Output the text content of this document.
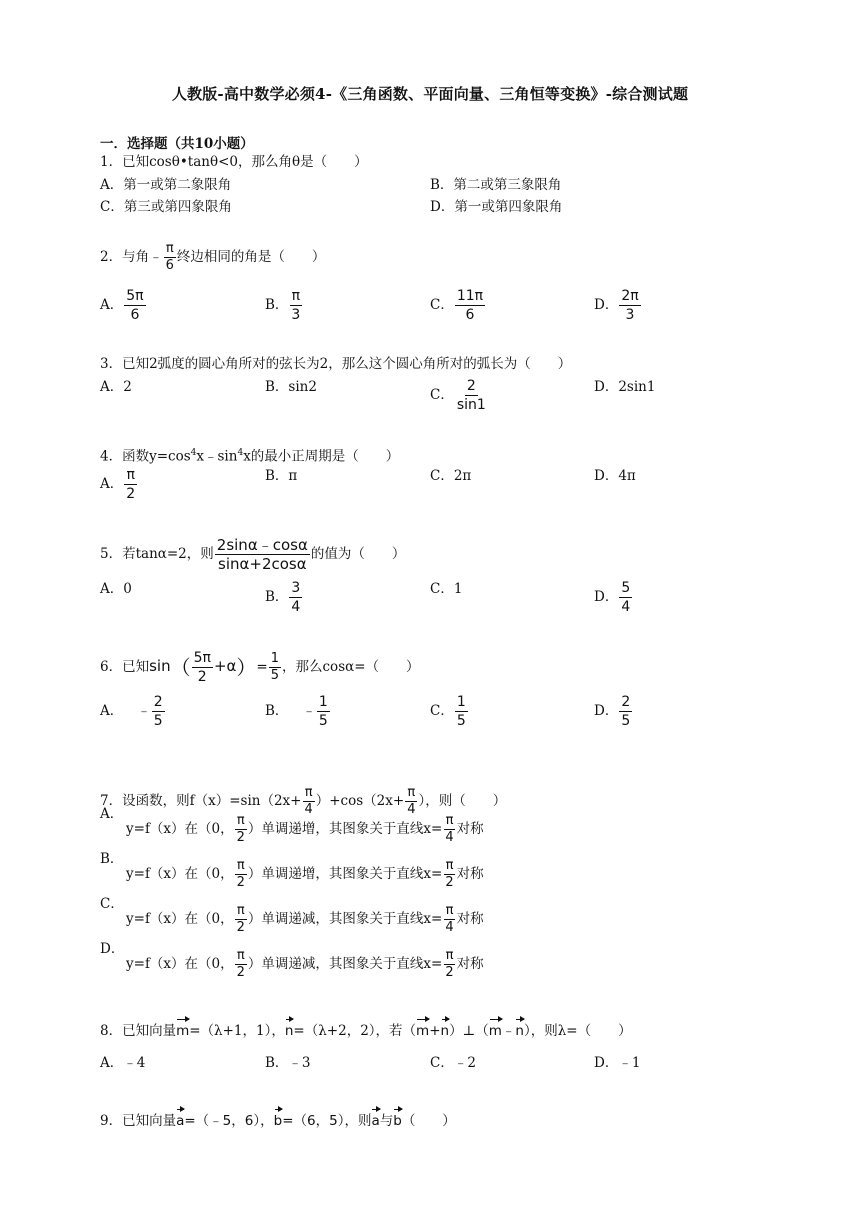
人教版-高中数学必须4-《三角函数、平面向量、三角恒等变换》-综合测试题
一．选择题（共10小题）
1．已知cosθ•tanθ<0，那么角θ是（　　）
A．第一或第二象限角	B．第二或第三象限角
C．第三或第四象限角	D．第一或第四象限角
2．与角﹣ $\frac{\pi}{6}$ 终边相同的角是（　　）
A． $\frac{5\pi}{6}$	B． $\frac{\pi}{3}$	C． $\frac{11\pi}{6}$	D． $\frac{2\pi}{3}$
3．已知2弧度的圆心角所对的弦长为2，那么这个圆心角所对的弧长为（　　）
A．2	B．sin2	C． $\frac{2}{\sin 1}$	D．2sin1
4．函数$y=\cos^4x﹣\sin^4x$的最小正周期是（　　）
A． $\frac{\pi}{2}$	B．π	C．2π	D．4π
5．若tanα=2，则 $\frac{2\sin\alpha﹣\cos\alpha}{\sin\alpha+2\cos\alpha}$ 的值为（　　）
A．0	B． $\frac{3}{4}$	C．1	D． $\frac{5}{4}$
6．已知$\sin( \frac{5\pi}{2} +\alpha)= \frac{1}{5}$ ，那么cosα=（　　）
A． ﹣ $\frac{2}{5}$	B． ﹣ $\frac{1}{5}$	C． $\frac{1}{5}$	D． $\frac{2}{5}$
7．设函数，则$f(x)=\sin(2x+ \frac{\pi}{4} )+\cos(2x+ \frac{\pi}{4}$ ），则（　　）
A．
y=f（x）在（0， $\frac{\pi}{2}$ ）单调递增，其图象关于直线$x= \frac{\pi}{4}$ 对称
B．
y=f（x）在（0， $\frac{\pi}{2}$ ）单调递增，其图象关于直线$x= \frac{\pi}{2}$ 对称
C．
y=f（x）在（0， $\frac{\pi}{2}$ ）单调递减，其图象关于直线$x= \frac{\pi}{4}$ 对称
D．
y=f（x）在（0， $\frac{\pi}{2}$ ）单调递减，其图象关于直线$x= \frac{\pi}{2}$ 对称
8．已知向量m=（λ+1，1），n=（λ+2，2），若（m+n）⊥（m﹣n），则λ=（　　）
A．﹣4	B．﹣3	C．﹣2	D．﹣1
9．已知向量a=（﹣5，6），b=（6，5），则a与b（　　）
